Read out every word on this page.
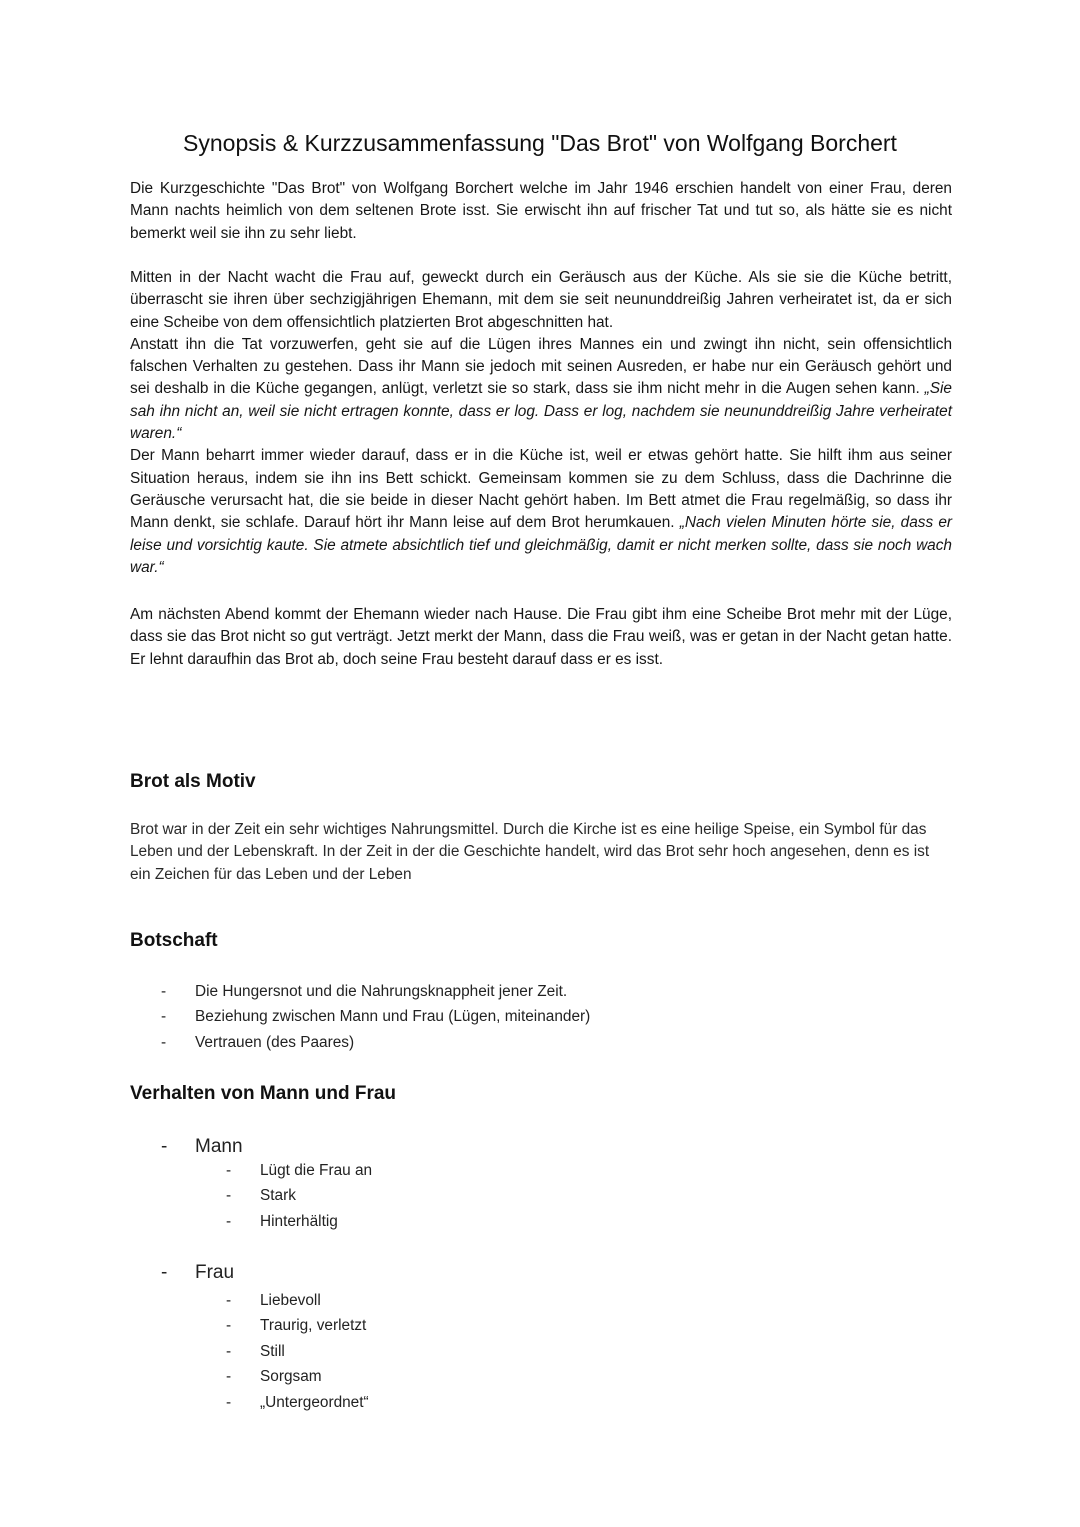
Synopsis & Kurzzusammenfassung "Das Brot" von Wolfgang Borchert

Die Kurzgeschichte "Das Brot" von Wolfgang Borchert welche im Jahr 1946 erschien handelt von einer Frau, deren Mann nachts heimlich von dem seltenen Brote isst. Sie erwischt ihn auf frischer Tat und tut so, als hätte sie es nicht bemerkt weil sie ihn zu sehr liebt.

Mitten in der Nacht wacht die Frau auf, geweckt durch ein Geräusch aus der Küche. Als sie sie die Küche betritt, überrascht sie ihren über sechzigjährigen Ehemann, mit dem sie seit neununddreißig Jahren verheiratet ist, da er sich eine Scheibe von dem offensichtlich platzierten Brot abgeschnitten hat.
Anstatt ihn die Tat vorzuwerfen, geht sie auf die Lügen ihres Mannes ein und zwingt ihn nicht, sein offensichtlich falschen Verhalten zu gestehen. Dass ihr Mann sie jedoch mit seinen Ausreden, er habe nur ein Geräusch gehört und sei deshalb in die Küche gegangen, anlügt, verletzt sie so stark, dass sie ihm nicht mehr in die Augen sehen kann. „Sie sah ihn nicht an, weil sie nicht ertragen konnte, dass er log. Dass er log, nachdem sie neununddreißig Jahre verheiratet waren.“
Der Mann beharrt immer wieder darauf, dass er in die Küche ist, weil er etwas gehört hatte. Sie hilft ihm aus seiner Situation heraus, indem sie ihn ins Bett schickt. Gemeinsam kommen sie zu dem Schluss, dass die Dachrinne die Geräusche verursacht hat, die sie beide in dieser Nacht gehört haben. Im Bett atmet die Frau regelmäßig, so dass ihr Mann denkt, sie schlafe. Darauf hört ihr Mann leise auf dem Brot herumkauen. „Nach vielen Minuten hörte sie, dass er leise und vorsichtig kaute. Sie atmete absichtlich tief und gleichmäßig, damit er nicht merken sollte, dass sie noch wach war.“

Am nächsten Abend kommt der Ehemann wieder nach Hause. Die Frau gibt ihm eine Scheibe Brot mehr mit der Lüge, dass sie das Brot nicht so gut verträgt. Jetzt merkt der Mann, dass die Frau weiß, was er getan in der Nacht getan hatte. Er lehnt daraufhin das Brot ab, doch seine Frau besteht darauf dass er es isst.

Brot als Motiv

Brot war in der Zeit ein sehr wichtiges Nahrungsmittel. Durch die Kirche ist es eine heilige Speise, ein Symbol für das Leben und der Lebenskraft. In der Zeit in der die Geschichte handelt, wird das Brot sehr hoch angesehen, denn es ist ein Zeichen für das Leben und der Leben

Botschaft
- Die Hungersnot und die Nahrungsknappheit jener Zeit.
- Beziehung zwischen Mann und Frau (Lügen, miteinander)
- Vertrauen (des Paares)
Verhalten von Mann und Frau
- Mann
- Lügt die Frau an
- Stark
- Hinterhältig
- Frau
- Liebevoll
- Traurig, verletzt
- Still
- Sorgsam
- „Untergeordnet“
